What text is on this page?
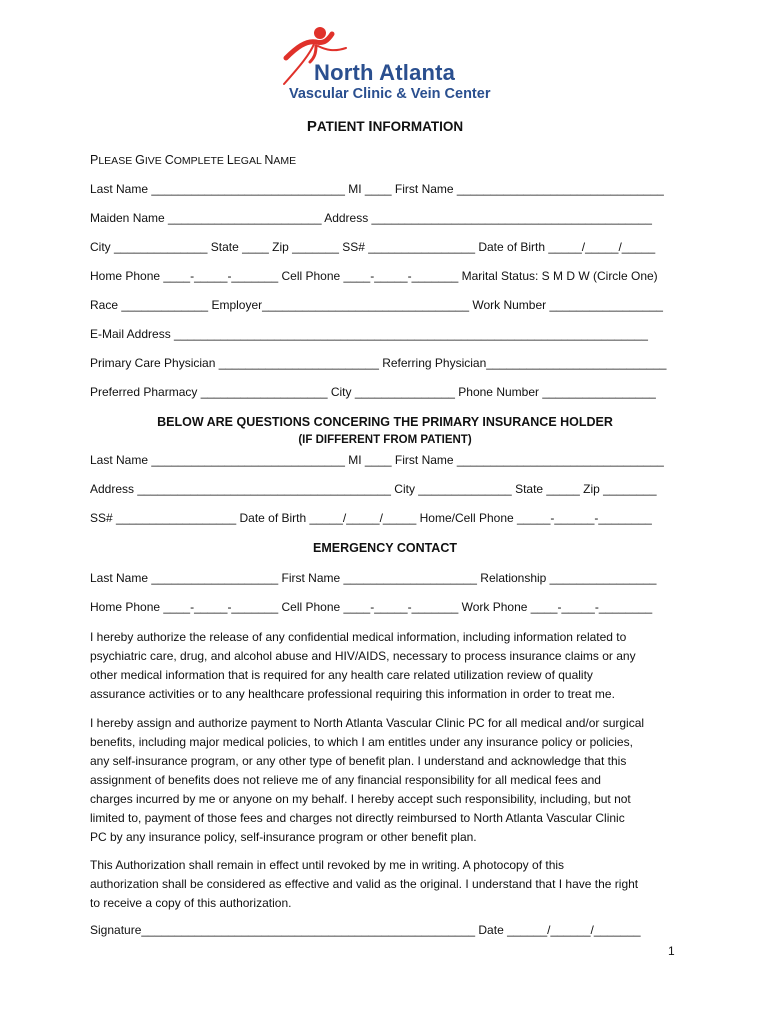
North Atlanta
Vascular Clinic & Vein Center
PATIENT INFORMATION
PLEASE GIVE COMPLETE LEGAL NAME
Last Name _____________________________ MI ____ First Name _______________________________
Maiden Name _______________________ Address __________________________________________
City ______________ State ____ Zip _______ SS# ________________ Date of Birth _____/_____/_____
Home Phone ____-_____-_______ Cell Phone ____-_____-_______ Marital Status: S M D W (Circle One)
Race _____________ Employer_______________________________ Work Number _________________
E-Mail Address _______________________________________________________________________
Primary Care Physician ________________________ Referring Physician___________________________
Preferred Pharmacy ___________________ City _______________ Phone Number _________________
BELOW ARE QUESTIONS CONCERING THE PRIMARY INSURANCE HOLDER
(IF DIFFERENT FROM PATIENT)
Last Name _____________________________ MI ____ First Name _______________________________
Address ______________________________________ City ______________ State _____ Zip ________
SS# __________________ Date of Birth _____/_____/_____ Home/Cell Phone _____-______-________
EMERGENCY CONTACT
Last Name ___________________ First Name ____________________ Relationship ________________
Home Phone ____-_____-_______ Cell Phone ____-_____-_______ Work Phone ____-_____-________

I hereby authorize the release of any confidential medical information, including information related to

psychiatric care, drug, and alcohol abuse and HIV/AIDS, necessary to process insurance claims or any

other medical information that is required for any health care related utilization review of quality

assurance activities or to any healthcare professional requiring this information in order to treat me.

I hereby assign and authorize payment to North Atlanta Vascular Clinic PC for all medical and/or surgical

benefits, including major medical policies, to which I am entitles under any insurance policy or policies,

any self-insurance program, or any other type of benefit plan. I understand and acknowledge that this

assignment of benefits does not relieve me of any financial responsibility for all medical fees and

charges incurred by me or anyone on my behalf. I hereby accept such responsibility, including, but not

limited to, payment of those fees and charges not directly reimbursed to North Atlanta Vascular Clinic

PC by any insurance policy, self-insurance program or other benefit plan.

This Authorization shall remain in effect until revoked by me in writing. A photocopy of this

authorization shall be considered as effective and valid as the original. I understand that I have the right

to receive a copy of this authorization.

Signature__________________________________________________ Date ______/______/_______
1
